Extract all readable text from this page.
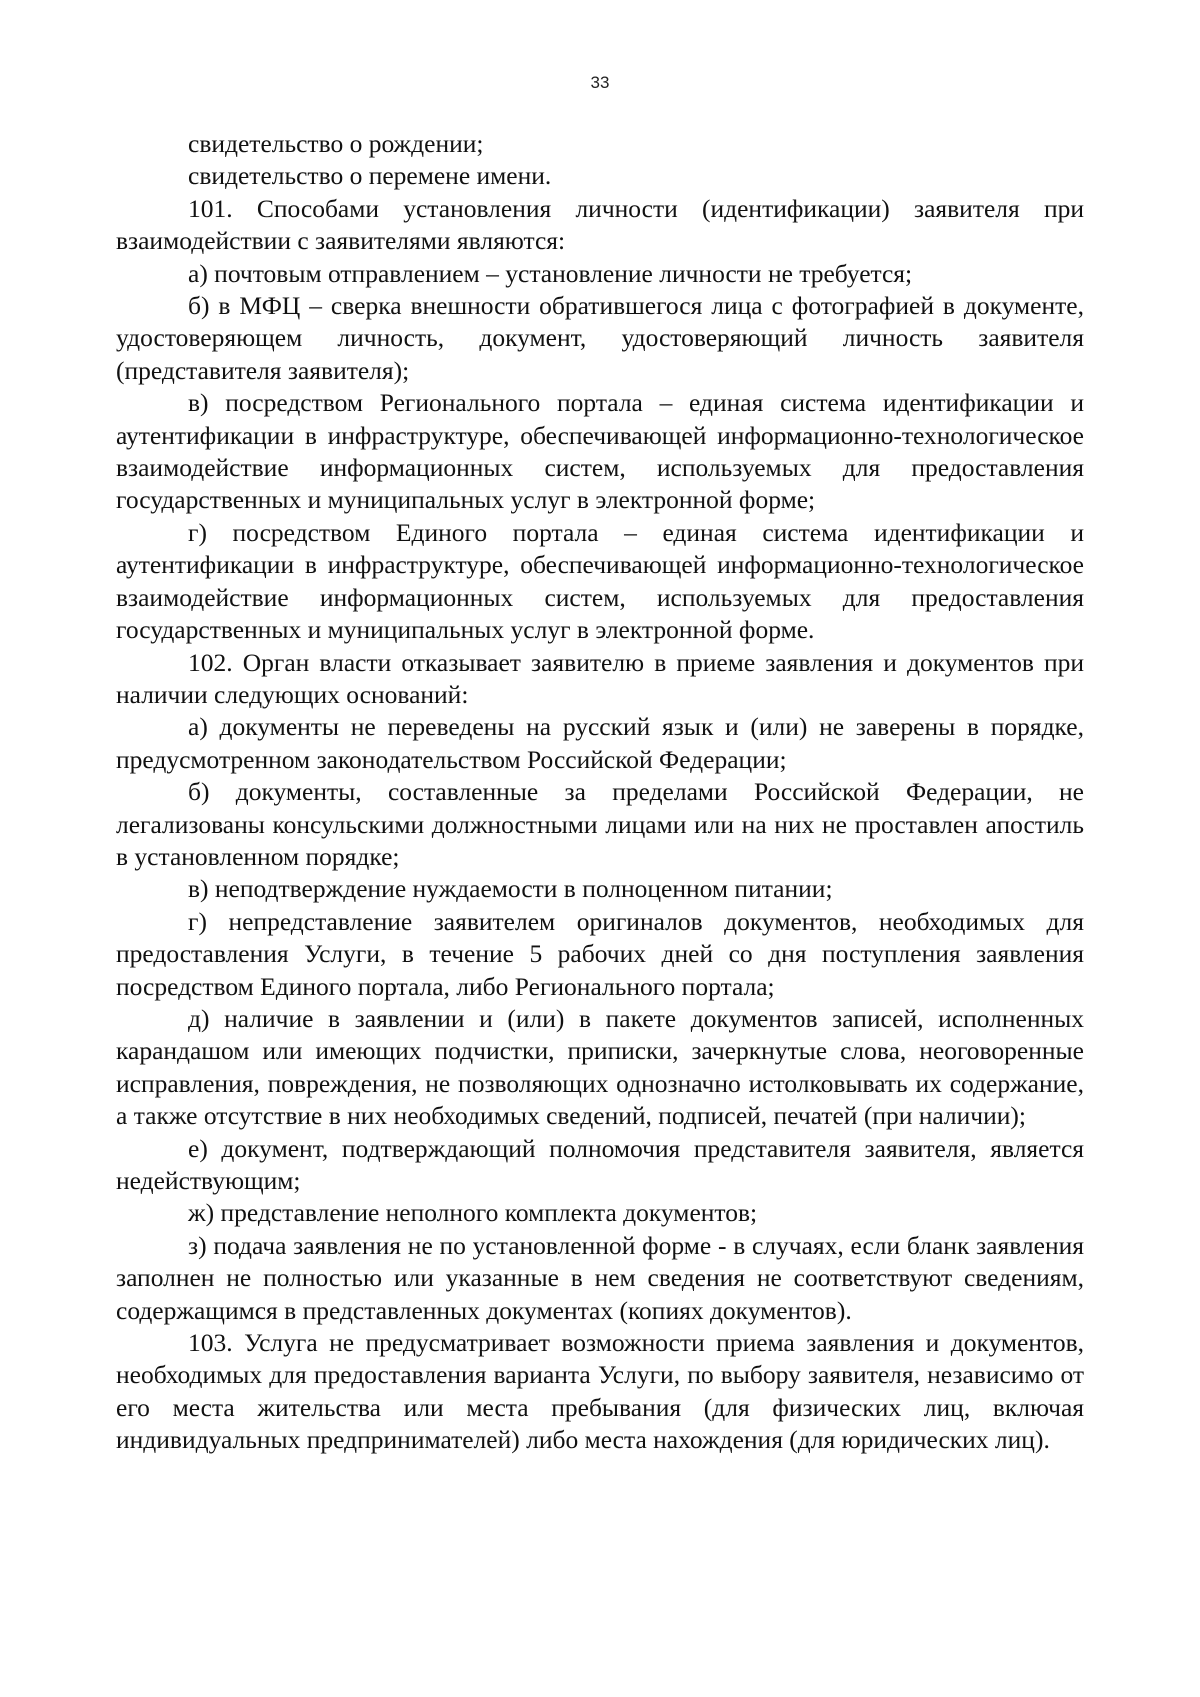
33

свидетельство о рождении;

свидетельство о перемене имени.

101. Способами установления личности (идентификации) заявителя при взаимодействии с заявителями являются:

а) почтовым отправлением – установление личности не требуется;

б) в МФЦ – сверка внешности обратившегося лица с фотографией в документе, удостоверяющем личность, документ, удостоверяющий личность заявителя (представителя заявителя);

в) посредством Регионального портала – единая система идентификации и аутентификации в инфраструктуре, обеспечивающей информационно-технологическое взаимодействие информационных систем, используемых для предоставления государственных и муниципальных услуг в электронной форме;

г) посредством Единого портала – единая система идентификации и аутентификации в инфраструктуре, обеспечивающей информационно-технологическое взаимодействие информационных систем, используемых для предоставления государственных и муниципальных услуг в электронной форме.

102. Орган власти отказывает заявителю в приеме заявления и документов при наличии следующих оснований:

а) документы не переведены на русский язык и (или) не заверены в порядке, предусмотренном законодательством Российской Федерации;

б) документы, составленные за пределами Российской Федерации, не легализованы консульскими должностными лицами или на них не проставлен апостиль в установленном порядке;

в) неподтверждение нуждаемости в полноценном питании;

г) непредставление заявителем оригиналов документов, необходимых для предоставления Услуги, в течение 5 рабочих дней со дня поступления заявления посредством Единого портала, либо Регионального портала;

д) наличие в заявлении и (или) в пакете документов записей, исполненных карандашом или имеющих подчистки, приписки, зачеркнутые слова, неоговоренные исправления, повреждения, не позволяющих однозначно истолковывать их содержание, а также отсутствие в них необходимых сведений, подписей, печатей (при наличии);

е) документ, подтверждающий полномочия представителя заявителя, является недействующим;

ж) представление неполного комплекта документов;

з) подача заявления не по установленной форме - в случаях, если бланк заявления заполнен не полностью или указанные в нем сведения не соответствуют сведениям, содержащимся в представленных документах (копиях документов).

103. Услуга не предусматривает возможности приема заявления и документов, необходимых для предоставления варианта Услуги, по выбору заявителя, независимо от его места жительства или места пребывания (для физических лиц, включая индивидуальных предпринимателей) либо места нахождения (для юридических лиц).
